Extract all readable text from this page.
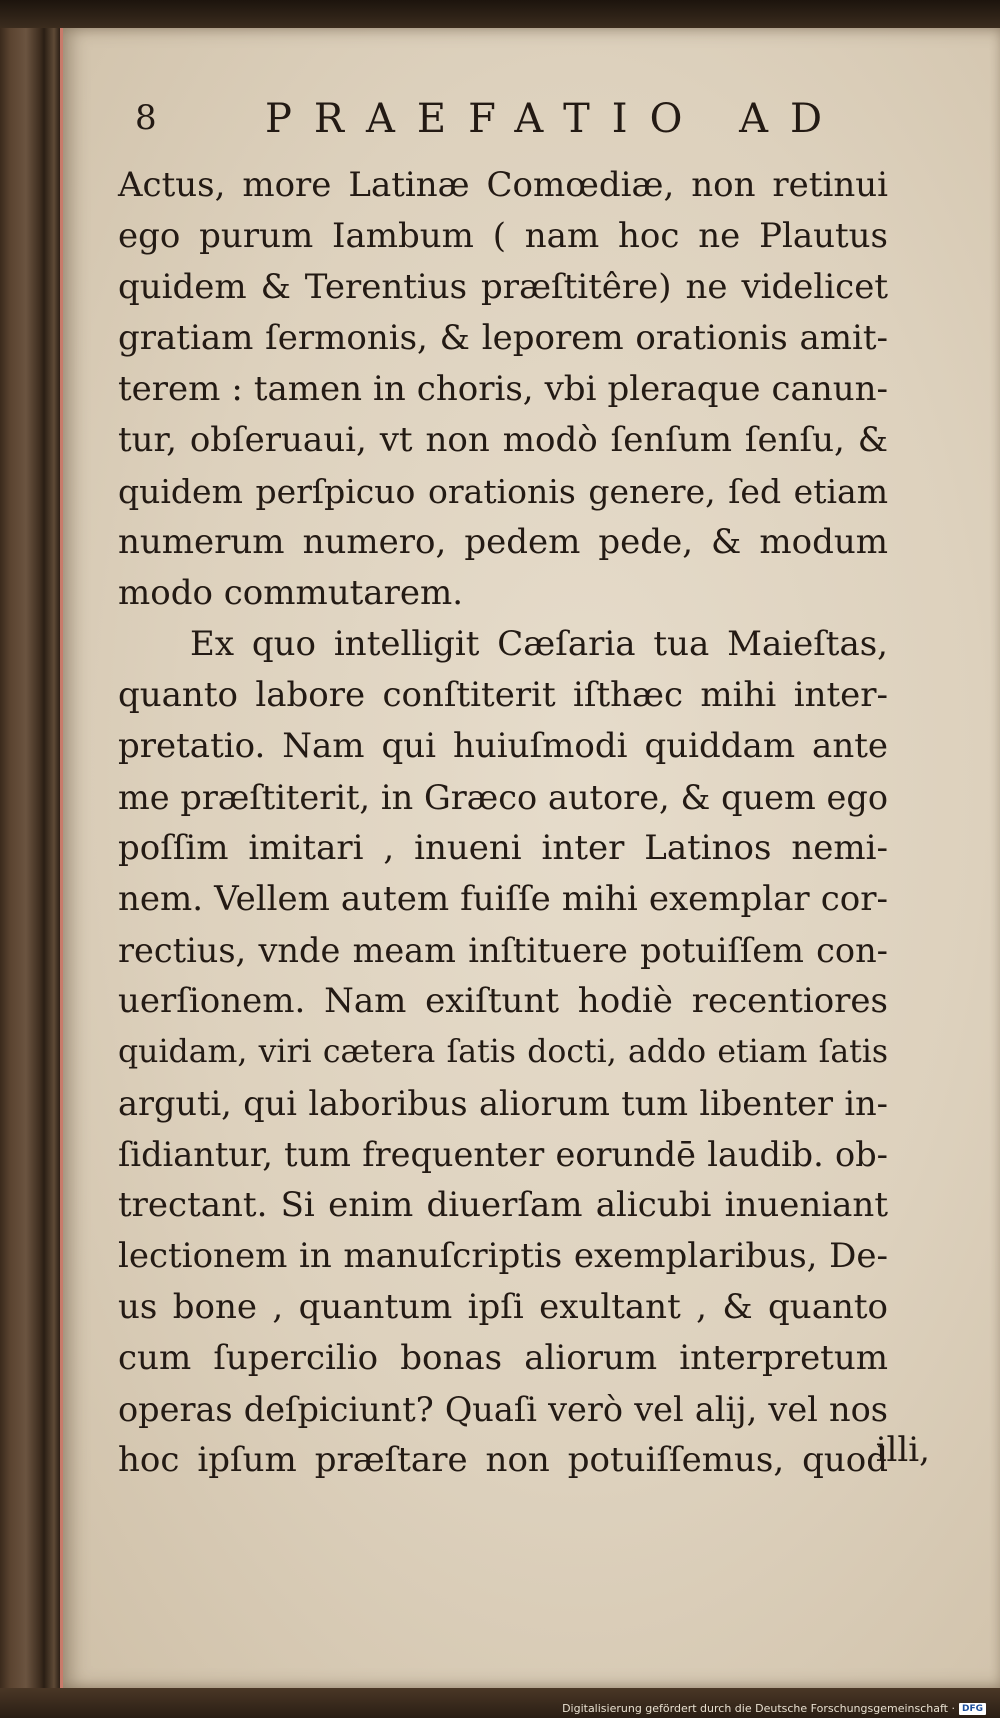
8	PRAEFATIO AD
Actus, more Latinæ Comœdiæ, non retinui
ego purum Iambum ( nam hoc ne Plautus
quidem & Terentius præſtitêre) ne videlicet
gratiam ſermonis, & leporem orationis amit-
terem : tamen in choris, vbi pleraque canun-
tur, obſeruaui, vt non modò ſenſum ſenſu, &
quidem perſpicuo orationis genere, ſed etiam
numerum numero, pedem pede, & modum
modo commutarem.
Ex quo intelligit Cæſaria tua Maieſtas,
quanto labore conſtiterit iſthæc mihi inter-
pretatio. Nam qui huiuſmodi quiddam ante
me præſtiterit, in Græco autore, & quem ego
poſſim imitari , inueni inter Latinos nemi-
nem. Vellem autem fuiſſe mihi exemplar cor-
rectius, vnde meam inſtituere potuiſſem con-
uerſionem. Nam exiſtunt hodiè recentiores
quidam, viri cætera ſatis docti, addo etiam ſatis
arguti, qui laboribus aliorum tum libenter in-
ſidiantur, tum frequenter eorundē laudib. ob-
trectant. Si enim diuerſam alicubi inueniant
lectionem in manuſcriptis exemplaribus, De-
us bone , quantum ipſi exultant , & quanto
cum ſupercilio bonas aliorum interpretum
operas deſpiciunt? Quaſi verò vel alij, vel nos
hoc ipſum præſtare non potuiſſemus, quod
illi,
Digitalisierung gefördert durch die Deutsche Forschungsgemeinschaft · DFG
